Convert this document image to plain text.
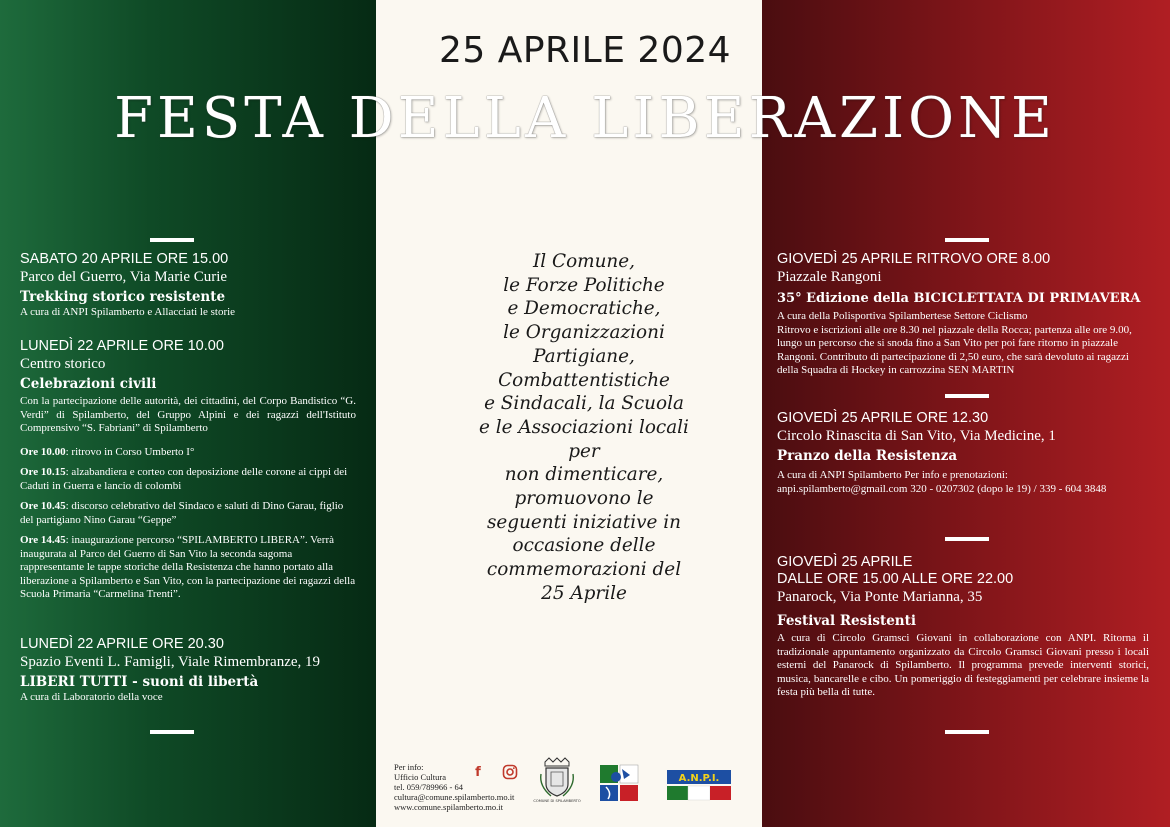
25 APRILE 2024
FESTA DELLA LIBERAZIONE
SABATO 20 APRILE ORE 15.00
Parco del Guerro, Via Marie Curie
Trekking storico resistente
A cura di ANPI Spilamberto e Allacciati le storie
LUNEDÌ 22 APRILE ORE 10.00
Centro storico
Celebrazioni civili
Con la partecipazione delle autorità, dei cittadini, del Corpo Bandistico “G. Verdi” di Spilamberto, del Gruppo Alpini e dei ragazzi dell'Istituto Comprensivo “S. Fabriani” di Spilamberto
Ore 10.00: ritrovo in Corso Umberto I°
Ore 10.15: alzabandiera e corteo con deposizione delle corone ai cippi dei Caduti in Guerra e lancio di colombi
Ore 10.45: discorso celebrativo del Sindaco e saluti di Dino Garau, figlio del partigiano Nino Garau “Geppe”
Ore 14.45: inaugurazione percorso “SPILAMBERTO LIBERA”. Verrà inaugurata al Parco del Guerro di San Vito la seconda sagoma rappresentante le tappe storiche della Resistenza che hanno portato alla liberazione a Spilamberto e San Vito, con la partecipazione dei ragazzi della Scuola Primaria “Carmelina Trenti”.
LUNEDÌ 22 APRILE ORE 20.30
Spazio Eventi L. Famigli, Viale Rimembranze, 19
LIBERI TUTTI - suoni di libertà
A cura di Laboratorio della voce
Il Comune,
le Forze Politiche
e Democratiche,
le Organizzazioni
Partigiane,
Combattentistiche
e Sindacali, la Scuola
e le Associazioni locali
per
non dimenticare,
promuovono le
seguenti iniziative in
occasione delle
commemorazioni del
25 Aprile
GIOVEDÌ 25 APRILE RITROVO ORE 8.00
Piazzale Rangoni
35° Edizione della BICICLETTATA DI PRIMAVERA
A cura della Polisportiva Spilambertese Settore Ciclismo
Ritrovo e iscrizioni alle ore 8.30 nel piazzale della Rocca; partenza alle ore 9.00, lungo un percorso che si snoda fino a San Vito per poi fare ritorno in piazzale Rangoni. Contributo di partecipazione di 2,50 euro, che sarà devoluto ai ragazzi della Squadra di Hockey in carrozzina SEN MARTIN
GIOVEDÌ 25 APRILE ORE 12.30
Circolo Rinascita di San Vito, Via Medicine, 1
Pranzo della Resistenza
A cura di ANPI Spilamberto Per info e prenotazioni:
anpi.spilamberto@gmail.com 320 - 0207302 (dopo le 19) / 339 - 604 3848
GIOVEDÌ 25 APRILE
DALLE ORE 15.00 ALLE ORE 22.00
Panarock, Via Ponte Marianna, 35
Festival Resistenti
A cura di Circolo Gramsci Giovani in collaborazione con ANPI. Ritorna il tradizionale appuntamento organizzato da Circolo Gramsci Giovani presso i locali esterni del Panarock di Spilamberto. Il programma prevede interventi storici, musica, bancarelle e cibo. Un pomeriggio di festeggiamenti per celebrare insieme la festa più bella di tutte.
Per info:
Ufficio Cultura
tel. 059/789966 - 64
cultura@comune.spilamberto.mo.it
www.comune.spilamberto.mo.it
f
COMUNE DI SPILAMBERTO
A.N.P.I.
